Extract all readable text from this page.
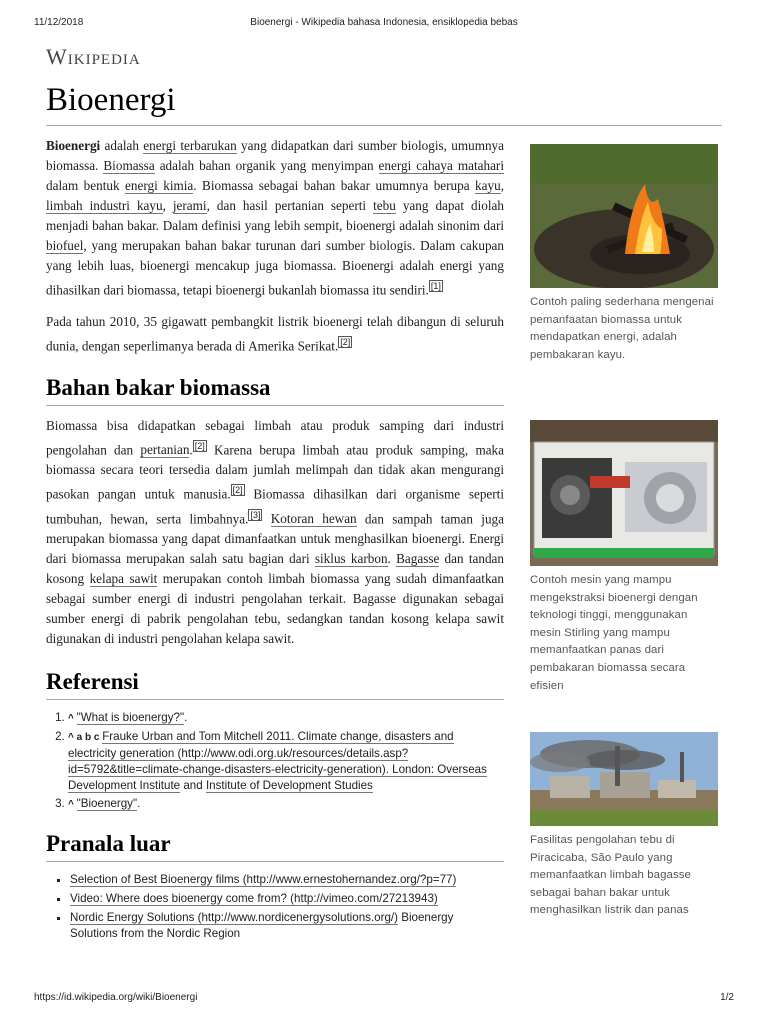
11/12/2018	Bioenergi - Wikipedia bahasa Indonesia, ensiklopedia bebas
Wikipedia
Bioenergi

Bioenergi adalah energi terbarukan yang didapatkan dari sumber biologis, umumnya biomassa. Biomassa adalah bahan organik yang menyimpan energi cahaya matahari dalam bentuk energi kimia. Biomassa sebagai bahan bakar umumnya berupa kayu, limbah industri kayu, jerami, dan hasil pertanian seperti tebu yang dapat diolah menjadi bahan bakar. Dalam definisi yang lebih sempit, bioenergi adalah sinonim dari biofuel, yang merupakan bahan bakar turunan dari sumber biologis. Dalam cakupan yang lebih luas, bioenergi mencakup juga biomassa. Bioenergi adalah energi yang dihasilkan dari biomassa, tetapi bioenergi bukanlah biomassa itu sendiri. [1]

Pada tahun 2010, 35 gigawatt pembangkit listrik bioenergi telah dibangun di seluruh dunia, dengan seperlimanya berada di Amerika Serikat. [2]

Bahan bakar biomassa

Biomassa bisa didapatkan sebagai limbah atau produk samping dari industri pengolahan dan pertanian. [2] Karena berupa limbah atau produk samping, maka biomassa secara teori tersedia dalam jumlah melimpah dan tidak akan mengurangi pasokan pangan untuk manusia. [2] Biomassa dihasilkan dari organisme seperti tumbuhan, hewan, serta limbahnya. [3] Kotoran hewan dan sampah taman juga merupakan biomassa yang dapat dimanfaatkan untuk menghasilkan bioenergi. Energi dari biomassa merupakan salah satu bagian dari siklus karbon. Bagasse dan tandan kosong kelapa sawit merupakan contoh limbah biomassa yang sudah dimanfaatkan sebagai sumber energi di industri pengolahan terkait. Bagasse digunakan sebagai sumber energi di pabrik pengolahan tebu, sedangkan tandan kosong kelapa sawit digunakan di industri pengolahan kelapa sawit.

Referensi
1. ^ "What is bioenergy?".
2. ^ a b c Frauke Urban and Tom Mitchell 2011. Climate change, disasters and electricity generation (http://www.odi.org.uk/resources/details.asp?id=5792&title=climate-change-disasters-electricity-generation). London: Overseas Development Institute and Institute of Development Studies
3. ^ "Bioenergy".
Pranala luar
▪ Selection of Best Bioenergy films (http://www.ernestohernandez.org/?p=77)
▪ Video: Where does bioenergy come from? (http://vimeo.com/27213943)
▪ Nordic Energy Solutions (http://www.nordicenergysolutions.org/) Bioenergy Solutions from the Nordic Region
Contoh paling sederhana mengenai pemanfaatan biomassa untuk mendapatkan energi, adalah pembakaran kayu.
Contoh mesin yang mampu mengekstraksi bioenergi dengan teknologi tinggi, menggunakan mesin Stirling yang mampu memanfaatkan panas dari pembakaran biomassa secara efisien
Fasilitas pengolahan tebu di Piracicaba, São Paulo yang memanfaatkan limbah bagasse sebagai bahan bakar untuk menghasilkan listrik dan panas
https://id.wikipedia.org/wiki/Bioenergi	1/2
